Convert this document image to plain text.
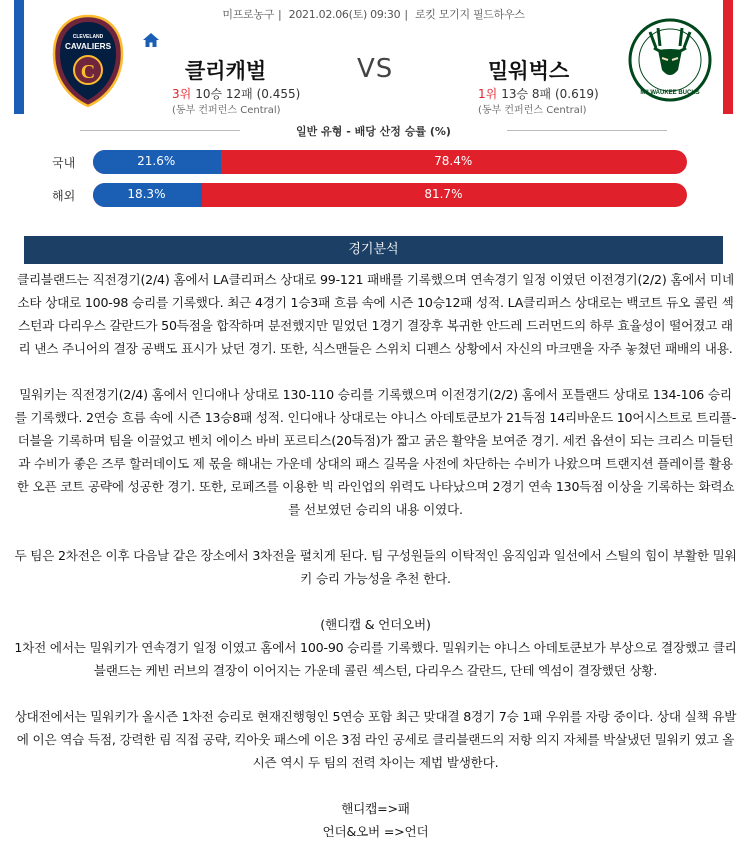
미프로농구 | 2021.02.06(토) 09:30 | 로킷 모기지 필드하우스
CLEVELAND
CAVALIERS
C
MILWAUKEE BUCKS
클리캐벌	VS	밀워벅스
3위 10승 12패 (0.455)
(동부 컨퍼런스 Central)
1위 13승 8패 (0.619)
(동부 컨퍼런스 Central)
일반 유형 - 배당 산정 승률 (%)
국내	21.6%	78.4%
해외	18.3%	81.7%
경기분석

클리블랜드는 직전경기(2/4) 홈에서 LA클리퍼스 상대로 99-121 패배를 기록했으며 연속경기 일정 이였던 이전경기(2/2) 홈에서 미네소타 상대로 100-98 승리를 기록했다. 최근 4경기 1승3패 흐름 속에 시즌 10승12패 성적. LA클리퍼스 상대로는 백코트 듀오 콜린 섹스턴과 다리우스 갈란드가 50득점을 합작하며 분전했지만 밑었던 1경기 결장후 복귀한 안드레 드러먼드의 하루 효율성이 떨어졌고 래리 낸스 주니어의 결장 공백도 표시가 났던 경기. 또한, 식스맨들은 스위치 디펜스 상황에서 자신의 마크맨을 자주 놓쳤던 패배의 내용.

밀워키는 직전경기(2/4) 홈에서 인디애나 상대로 130-110 승리를 기록했으며 이전경기(2/2) 홈에서 포틀랜드 상대로 134-106 승리를 기록했다. 2연승 흐름 속에 시즌 13승8패 성적. 인디애나 상대로는 야니스 아데토쿤보가 21득점 14리바운드 10어시스트로 트리플-더블을 기록하며 팀을 이끌었고 벤치 에이스 바비 포르티스(20득점)가 짧고 굵은 활약을 보여준 경기. 세컨 옵션이 되는 크리스 미들턴과 수비가 좋은 즈루 할러데이도 제 몫을 해내는 가운데 상대의 패스 길목을 사전에 차단하는 수비가 나왔으며 트랜지션 플레이를 활용한 오픈 코트 공략에 성공한 경기. 또한, 로페즈를 이용한 빅 라인업의 위력도 나타났으며 2경기 연속 130득점 이상을 기록하는 화력쇼를 선보였던 승리의 내용 이였다.

두 팀은 2차전은 이후 다음날 같은 장소에서 3차전을 펼치게 된다. 팀 구성원들의 이탁적인 움직임과 일선에서 스틸의 힘이 부활한 밀워키 승리 가능성을 추천 한다.

(핸디캡 & 언더오버)
1차전 에서는 밀워키가 연속경기 일정 이였고 홈에서 100-90 승리를 기록했다. 밀워키는 야니스 아데토쿤보가 부상으로 결장했고 클리블랜드는 케빈 러브의 결장이 이어지는 가운데 콜린 섹스턴, 다리우스 갈란드, 단테 엑섬이 결장했던 상황.

상대전에서는 밀워키가 올시즌 1차전 승리로 현재진행형인 5연승 포함 최근 맞대결 8경기 7승 1패 우위를 자랑 중이다. 상대 실책 유발에 이은 역습 득점, 강력한 림 직접 공략, 킥아웃 패스에 이은 3점 라인 공세로 클리블랜드의 저항 의지 자체를 박살냈던 밀워키 였고 올시즌 역시 두 팀의 전력 차이는 제법 발생한다.

핸디캡=>패

언더&오버 =>언더
